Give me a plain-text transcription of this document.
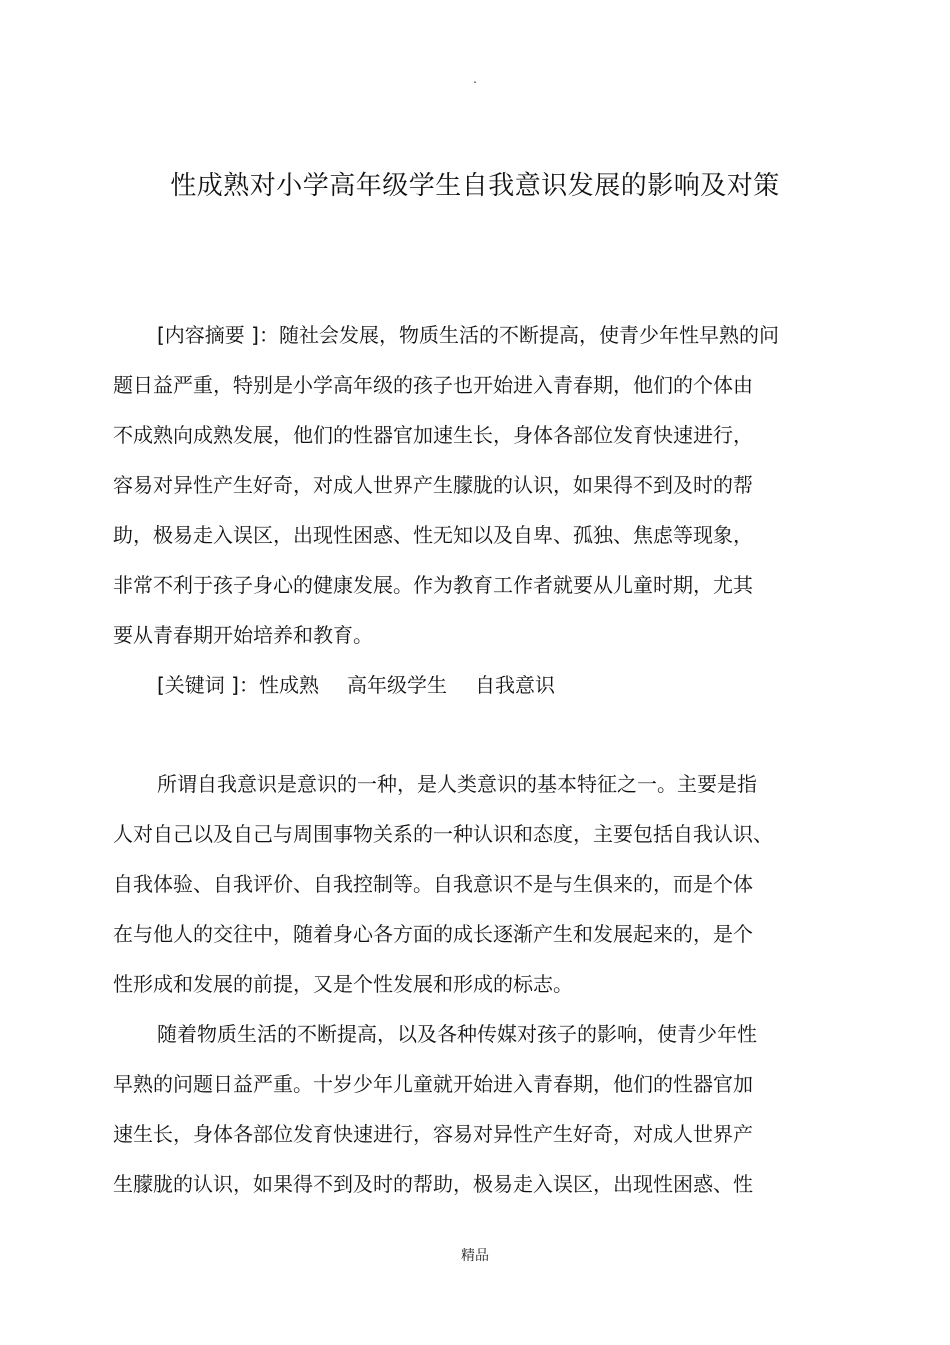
.
性成熟对小学高年级学生自我意识发展的影响及对策
[内容摘要 ]：随社会发展，物质生活的不断提高，使青少年性早熟的问
题日益严重，特别是小学高年级的孩子也开始进入青春期，他们的个体由
不成熟向成熟发展，他们的性器官加速生长，身体各部位发育快速进行，
容易对异性产生好奇，对成人世界产生朦胧的认识，如果得不到及时的帮
助，极易走入误区，出现性困惑、性无知以及自卑、孤独、焦虑等现象，
非常不利于孩子身心的健康发展。作为教育工作者就要从儿童时期，尤其
要从青春期开始培养和教育。
[关键词 ]：性成熟 高年级学生 自我意识
所谓自我意识是意识的一种，是人类意识的基本特征之一。主要是指
人对自己以及自己与周围事物关系的一种认识和态度，主要包括自我认识、
自我体验、自我评价、自我控制等。自我意识不是与生俱来的，而是个体
在与他人的交往中，随着身心各方面的成长逐渐产生和发展起来的，是个
性形成和发展的前提，又是个性发展和形成的标志。
随着物质生活的不断提高，以及各种传媒对孩子的影响，使青少年性
早熟的问题日益严重。十岁少年儿童就开始进入青春期，他们的性器官加
速生长，身体各部位发育快速进行，容易对异性产生好奇，对成人世界产
生朦胧的认识，如果得不到及时的帮助，极易走入误区，出现性困惑、性
精品
